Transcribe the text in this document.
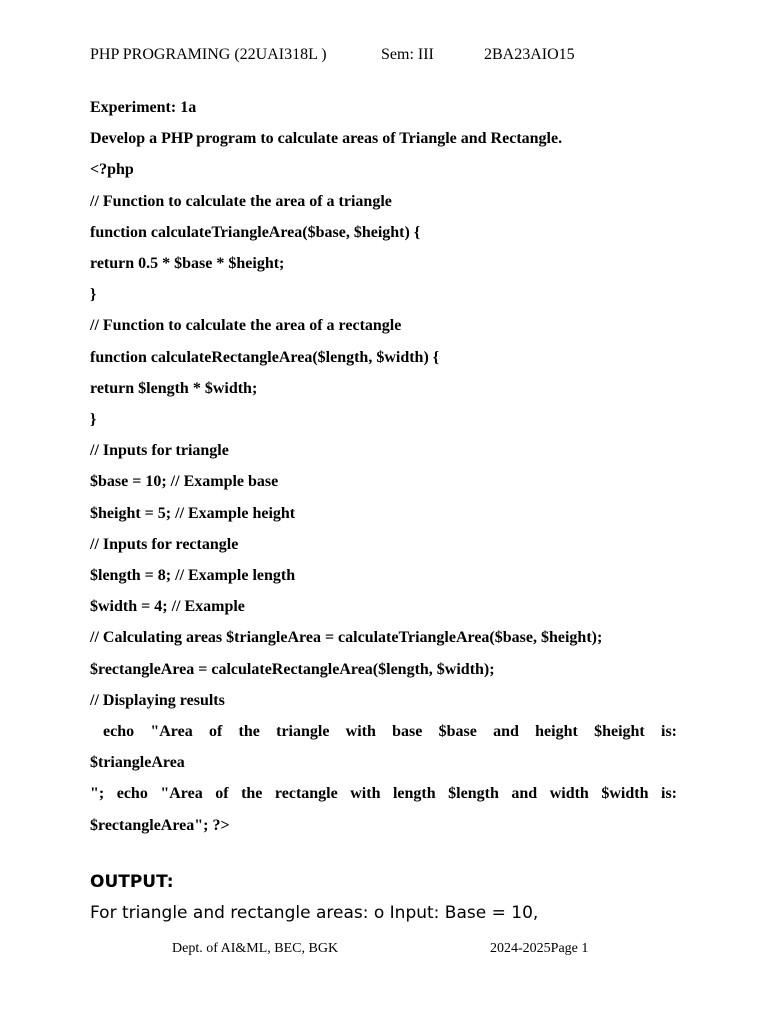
PHP PROGRAMING (22UAI318L )	Sem: III	2BA23AIO15
Experiment: 1a
Develop a PHP program to calculate areas of Triangle and Rectangle.
<?php
// Function to calculate the area of a triangle
function calculateTriangleArea($base, $height) {
return 0.5 * $base * $height;
}
// Function to calculate the area of a rectangle
function calculateRectangleArea($length, $width) {
return $length * $width;
}
// Inputs for triangle
$base = 10; // Example base
$height = 5; // Example height
// Inputs for rectangle
$length = 8; // Example length
$width = 4; // Example
// Calculating areas $triangleArea = calculateTriangleArea($base, $height);
$rectangleArea = calculateRectangleArea($length, $width);
// Displaying results
echo "Area of the triangle with base $base and height $height is:
$triangleArea
"; echo "Area of the rectangle with length $length and width $width is:
$rectangleArea"; ?>
OUTPUT:
For triangle and rectangle areas: o Input: Base = 10,
Dept. of AI&ML, BEC, BGK	2024-2025Page 1
